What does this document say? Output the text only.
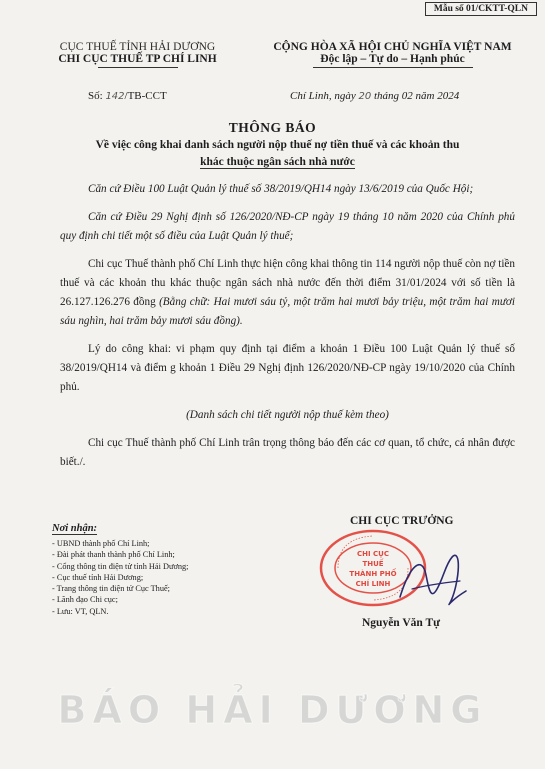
Mẫu số 01/CKTT-QLN
CỤC THUẾ TỈNH HẢI DƯƠNG
CHI CỤC THUẾ TP CHÍ LINH
CỘNG HÒA XÃ HỘI CHỦ NGHĨA VIỆT NAM
Độc lập – Tự do – Hạnh phúc
Số: 142/TB-CCT	Chí Linh, ngày 20 tháng 02 năm 2024
THÔNG BÁO
Về việc công khai danh sách người nộp thuế nợ tiền thuế và các khoản thu
khác thuộc ngân sách nhà nước

Căn cứ Điều 100 Luật Quản lý thuế số 38/2019/QH14 ngày 13/6/2019 của Quốc Hội;

Căn cứ Điều 29 Nghị định số 126/2020/NĐ-CP ngày 19 tháng 10 năm 2020 của Chính phủ quy định chi tiết một số điều của Luật Quản lý thuế;

Chi cục Thuế thành phố Chí Linh thực hiện công khai thông tin 114 người nộp thuế còn nợ tiền thuế và các khoản thu khác thuộc ngân sách nhà nước đến thời điểm 31/01/2024 với số tiền là 26.127.126.276 đồng (Bằng chữ: Hai mươi sáu tỷ, một trăm hai mươi bảy triệu, một trăm hai mươi sáu nghìn, hai trăm bảy mươi sáu đồng).

Lý do công khai: vi phạm quy định tại điểm a khoản 1 Điều 100 Luật Quản lý thuế số 38/2019/QH14 và điểm g khoản 1 Điều 29 Nghị định 126/2020/NĐ-CP ngày 19/10/2020 của Chính phủ.

(Danh sách chi tiết người nộp thuế kèm theo)

Chi cục Thuế thành phố Chí Linh trân trọng thông báo đến các cơ quan, tổ chức, cá nhân được biết./.

Nơi nhận:
- UBND thành phố Chí Linh;
- Đài phát thanh thành phố Chí Linh;
- Cổng thông tin điện tử tỉnh Hải Dương;
- Cục thuế tỉnh Hải Dương;
- Trang thông tin điện tử Cục Thuế;
- Lãnh đạo Chi cục;
- Lưu: VT, QLN.
CHI CỤC TRƯỞNG
CHI CỤC
THUẾ
THÀNH PHỐ
CHÍ LINH
Nguyễn Văn Tự
BÁO HẢI DƯƠNG
